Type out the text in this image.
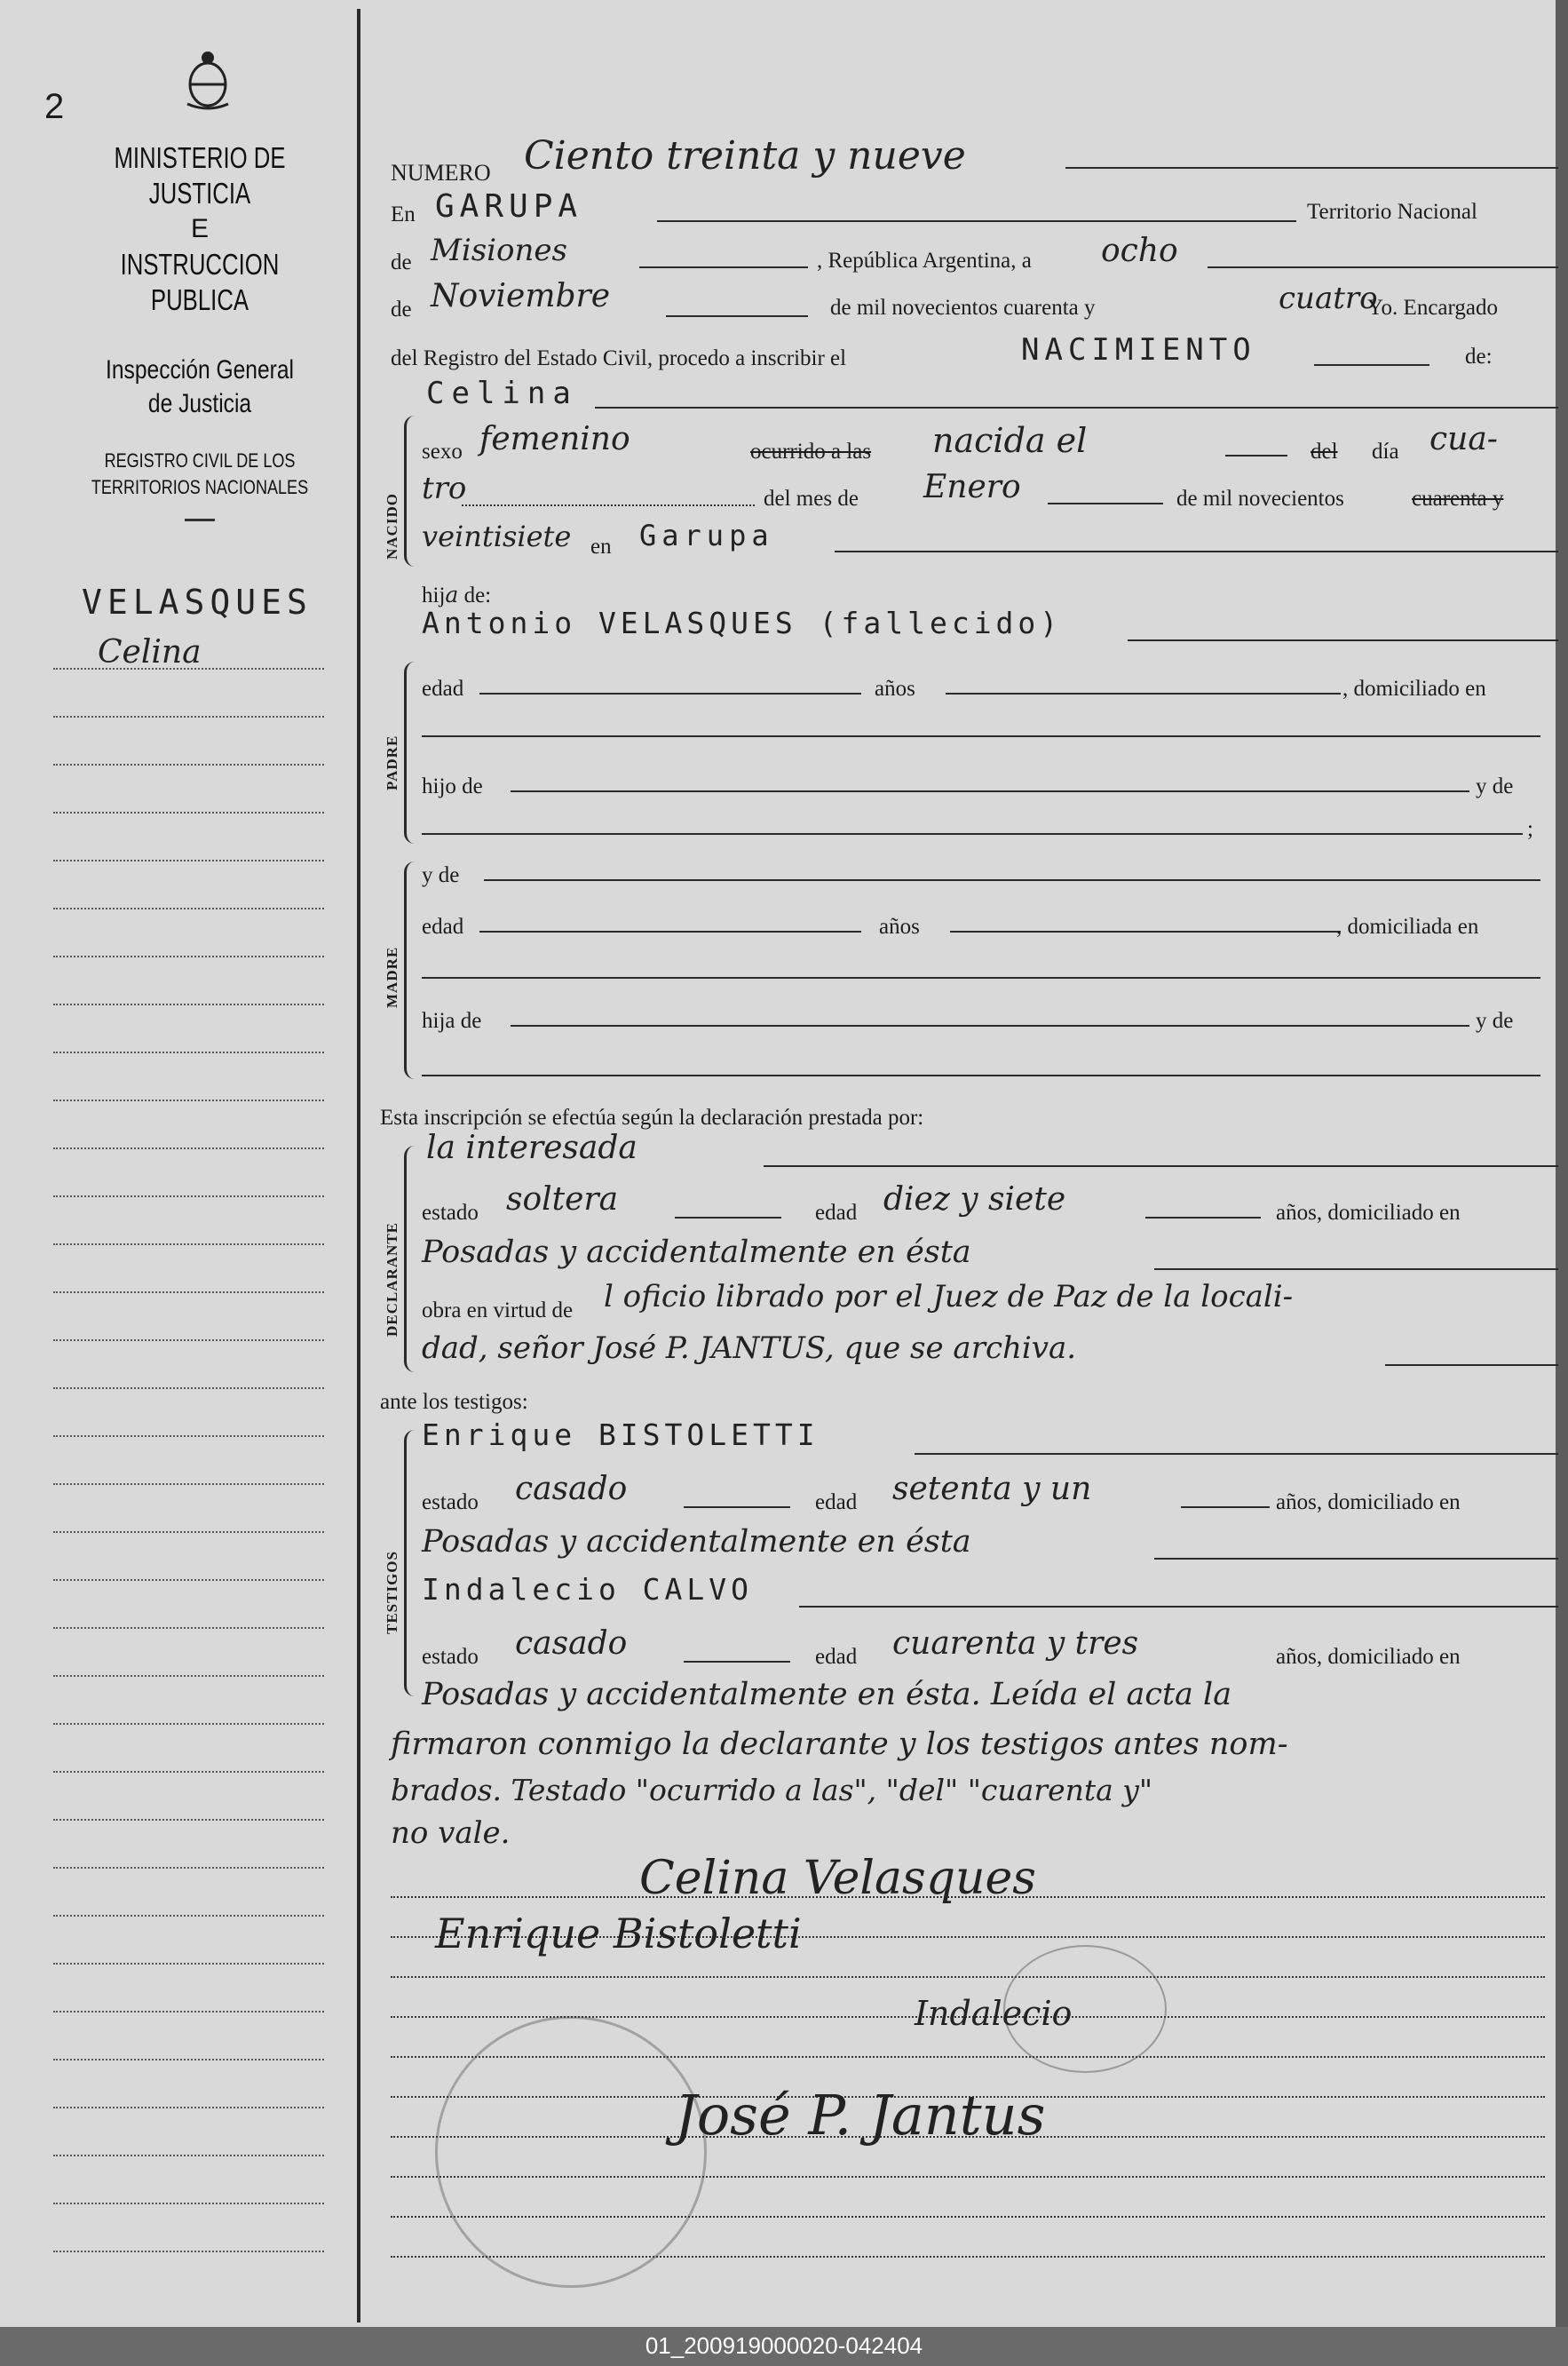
2
MINISTERIO DE JUSTICIA
E
INSTRUCCION PUBLICA
Inspección General
de Justicia
REGISTRO CIVIL DE LOS
TERRITORIOS NACIONALES
VELASQUES
Celina
NUMERO Ciento treinta y nueve
En GARUPA	Territorio Nacional
de Misiones	, República Argentina, a ocho
de Noviembre	de mil novecientos cuarenta y	cuatro
Yo. Encargado
del Registro del Estado Civil, procedo a inscribir el	NACIMIENTO	de:
Celina
NACIDO
sexo femenino	ocurrido a las nacida el	del día cua-
tro	del mes de Enero	de mil novecientos	cuarenta y
veintisiete en Garupa
hija de:
PADRE
Antonio VELASQUES (fallecido)
edad	años	, domiciliado en
hijo de	y de
;
MADRE
y de
edad	años	, domiciliada en
hija de	y de
Esta inscripción se efectúa según la declaración prestada por:
DECLARANTE
la interesada
estado soltera	edad diez y siete	años, domiciliado en
Posadas y accidentalmente en ésta
obra en virtud de l oficio librado por el Juez de Paz de la locali-
dad, señor José P. JANTUS, que se archiva.
ante los testigos:
TESTIGOS
Enrique BISTOLETTI
estado casado	edad setenta y un	años, domiciliado en
Posadas y accidentalmente en ésta
Indalecio CALVO
estado casado	edad cuarenta y tres	años, domiciliado en
Posadas y accidentalmente en ésta. Leída el acta la
firmaron conmigo la declarante y los testigos antes nom-
brados. Testado "ocurrido a las", "del" "cuarenta y"
no vale.
Celina Velasques
Enrique Bistoletti
Indalecio
José P. Jantus
01_200919000020-042404
